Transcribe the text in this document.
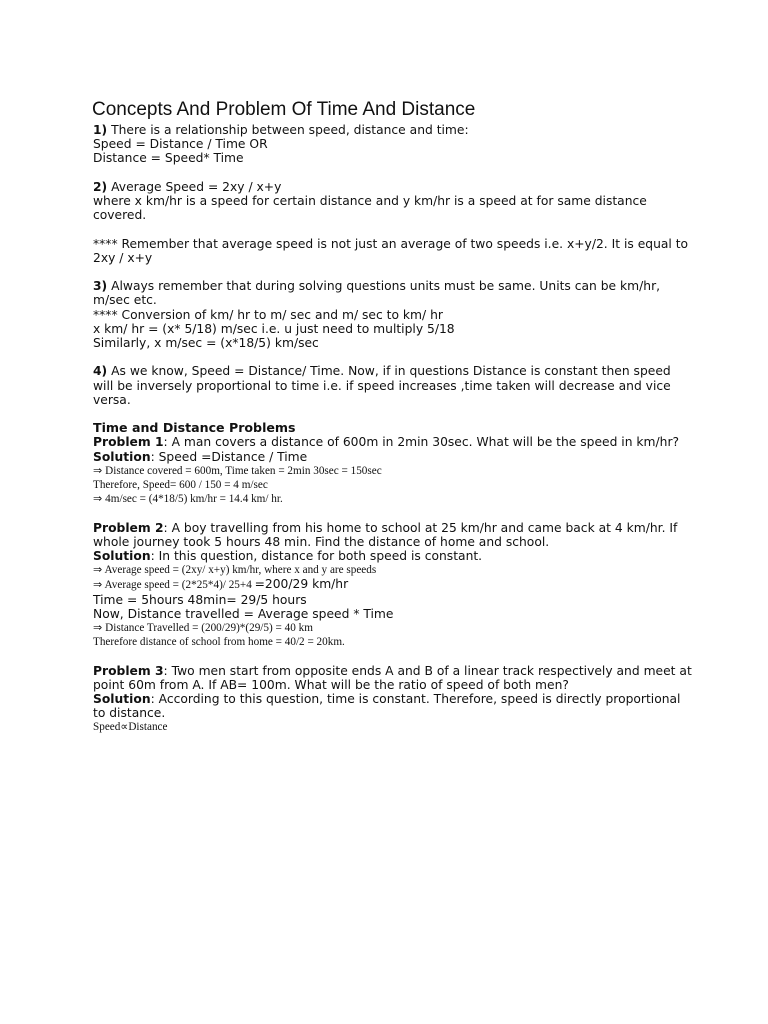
Concepts And Problem Of Time And Distance
1) There is a relationship between speed, distance and time:
Speed = Distance / Time OR
Distance = Speed* Time
2) Average Speed = 2xy / x+y
where x km/hr is a speed for certain distance and y km/hr is a speed at for same distance covered.
**** Remember that average speed is not just an average of two speeds i.e. x+y/2. It is equal to 2xy / x+y
3) Always remember that during solving questions units must be same. Units can be km/hr, m/sec etc.
**** Conversion of km/ hr to m/ sec and m/ sec to km/ hr
x km/ hr = (x* 5/18) m/sec i.e. u just need to multiply 5/18
Similarly, x m/sec = (x*18/5) km/sec
4) As we know, Speed = Distance/ Time. Now, if in questions Distance is constant then speed will be inversely proportional to time i.e. if speed increases ,time taken will decrease and vice versa.
Time and Distance Problems
Problem 1: A man covers a distance of 600m in 2min 30sec. What will be the speed in km/hr?
Solution: Speed =Distance / Time
⇒ Distance covered = 600m, Time taken = 2min 30sec = 150sec
Therefore, Speed= 600 / 150 = 4 m/sec
⇒ 4m/sec = (4*18/5) km/hr = 14.4 km/ hr.
Problem 2: A boy travelling from his home to school at 25 km/hr and came back at 4 km/hr. If whole journey took 5 hours 48 min. Find the distance of home and school.
Solution: In this question, distance for both speed is constant.
⇒ Average speed = (2xy/ x+y) km/hr, where x and y are speeds
⇒ Average speed = (2*25*4)/ 25+4 =200/29 km/hr
Time = 5hours 48min= 29/5 hours
Now, Distance travelled = Average speed * Time
⇒ Distance Travelled = (200/29)*(29/5) = 40 km
Therefore distance of school from home = 40/2 = 20km.
Problem 3: Two men start from opposite ends A and B of a linear track respectively and meet at point 60m from A. If AB= 100m. What will be the ratio of speed of both men?
Solution: According to this question, time is constant. Therefore, speed is directly proportional to distance.
Speed∝Distance
